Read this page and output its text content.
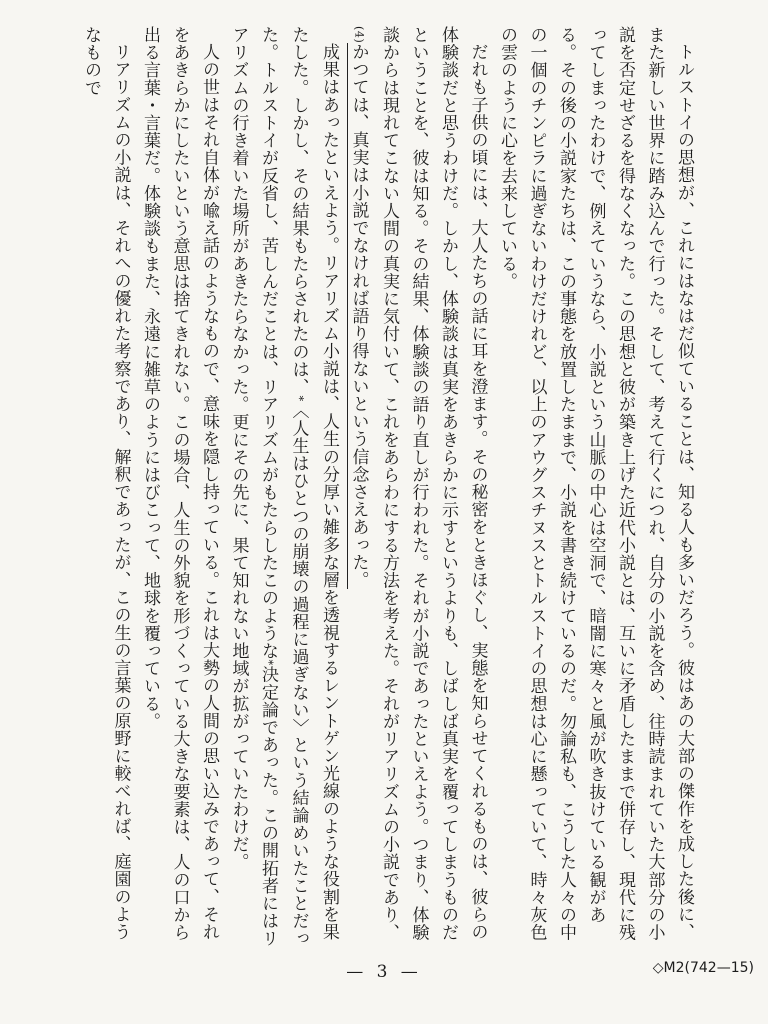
トルストイの思想が、これにはなはだ似ていることは、知る人も多いだろう。彼はあの大部の傑作を成した後に、また新しい世界に踏み込んで行った。そして、考えて行くにつれ、自分の小説を含め、往時読まれていた大部分の小説を否定せざるを得なくなった。この思想と彼が築き上げた近代小説とは、互いに矛盾したままで併存し、現代に残ってしまったわけで、例えていうなら、小説という山脈の中心は空洞で、暗闇に寒々と風が吹き抜けている観がある。その後の小説家たちは、この事態を放置したままで、小説を書き続けているのだ。勿論私も、こうした人々の中の一個のチンピラに過ぎないわけだけれど、以上のアウグスチヌスとトルストイの思想は心に懸っていて、時々灰色の雲のように心を去来している。

だれも子供の頃には、大人たちの話に耳を澄ます。その秘密をときほぐし、実態を知らせてくれるものは、彼らの体験談だと思うわけだ。しかし、体験談は真実をあきらかに示すというよりも、しばしば真実を覆ってしまうものだということを、彼は知る。その結果、体験談の語り直しが行われた。それが小説であったといえよう。つまり、体験談からは現れてこない人間の真実に気付いて、これをあらわにする方法を考えた。それがリアリズムの小説であり、(4)かつては、真実は小説でなければ語り得ないという信念さえあった。

成果はあったといえよう。リアリズム小説は、人生の分厚い雑多な層を透視するレントゲン光線のような役割を果たした。しかし、その結果もたらされたのは、*〈人生はひとつの崩壊の過程に過ぎない〉という結論めいたことだった。トルストイが反省し、苦しんだことは、リアリズムがもたらしたこのような*決定論であった。この開拓者にはリアリズムの行き着いた場所があきたらなかった。更にその先に、果て知れない地域が拡がっていたわけだ。

人の世はそれ自体が喩え話のようなもので、意味を隠し持っている。これは大勢の人間の思い込みであって、それをあきらかにしたいという意思は捨てきれない。この場合、人生の外貌を形づくっている大きな要素は、人の口から出る言葉・言葉だ。体験談もまた、永遠に雑草のようにはびこって、地球を覆っている。

リアリズムの小説は、それへの優れた考察であり、解釈であったが、この生の言葉の原野に較べれば、庭園のようなもので

— 3 —	◇M2(742—15)
